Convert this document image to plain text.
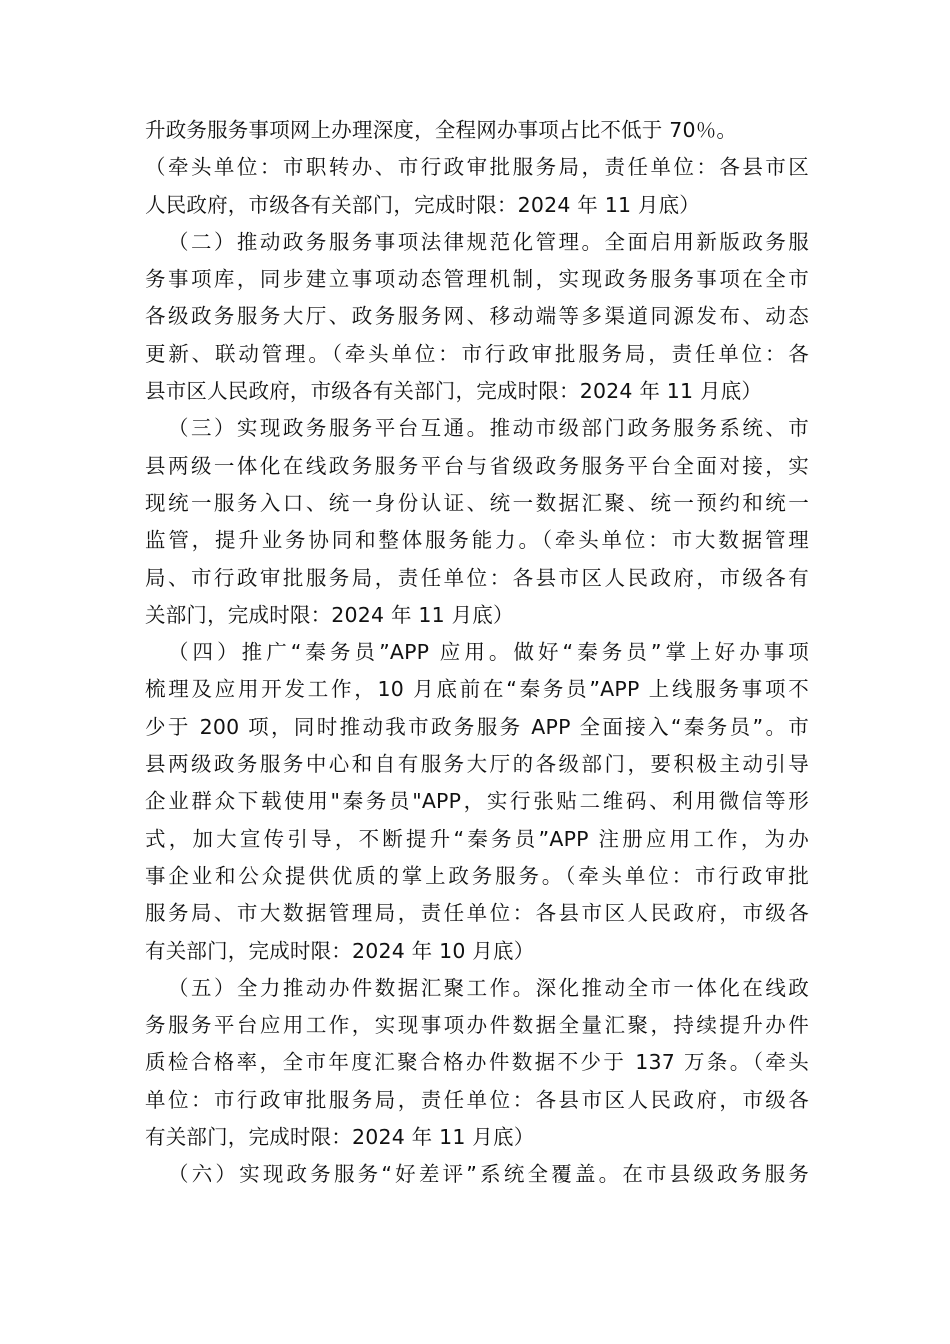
升政务服务事项网上办理深度，全程网办事项占比不低于 70％。
（牵头单位：市职转办、市行政审批服务局，责任单位：各县市区
人民政府，市级各有关部门，完成时限：2024 年 11 月底）
（二）推动政务服务事项法律规范化管理。全面启用新版政务服
务事项库，同步建立事项动态管理机制，实现政务服务事项在全市
各级政务服务大厅、政务服务网、移动端等多渠道同源发布、动态
更新、联动管理。（牵头单位：市行政审批服务局，责任单位：各
县市区人民政府，市级各有关部门，完成时限：2024 年 11 月底）
（三）实现政务服务平台互通。推动市级部门政务服务系统、市
县两级一体化在线政务服务平台与省级政务服务平台全面对接，实
现统一服务入口、统一身份认证、统一数据汇聚、统一预约和统一
监管，提升业务协同和整体服务能力。（牵头单位：市大数据管理
局、市行政审批服务局，责任单位：各县市区人民政府，市级各有
关部门，完成时限：2024 年 11 月底）
（四）推广“秦务员”APP 应用。做好“秦务员”掌上好办事项
梳理及应用开发工作，10 月底前在“秦务员”APP 上线服务事项不
少于 200 项，同时推动我市政务服务 APP 全面接入“秦务员”。市
县两级政务服务中心和自有服务大厅的各级部门，要积极主动引导
企业群众下载使用"秦务员"APP，实行张贴二维码、利用微信等形
式，加大宣传引导，不断提升“秦务员”APP 注册应用工作，为办
事企业和公众提供优质的掌上政务服务。（牵头单位：市行政审批
服务局、市大数据管理局，责任单位：各县市区人民政府，市级各
有关部门，完成时限：2024 年 10 月底）
（五）全力推动办件数据汇聚工作。深化推动全市一体化在线政
务服务平台应用工作，实现事项办件数据全量汇聚，持续提升办件
质检合格率，全市年度汇聚合格办件数据不少于 137 万条。（牵头
单位：市行政审批服务局，责任单位：各县市区人民政府，市级各
有关部门，完成时限：2024 年 11 月底）
（六）实现政务服务“好差评”系统全覆盖。在市县级政务服务
